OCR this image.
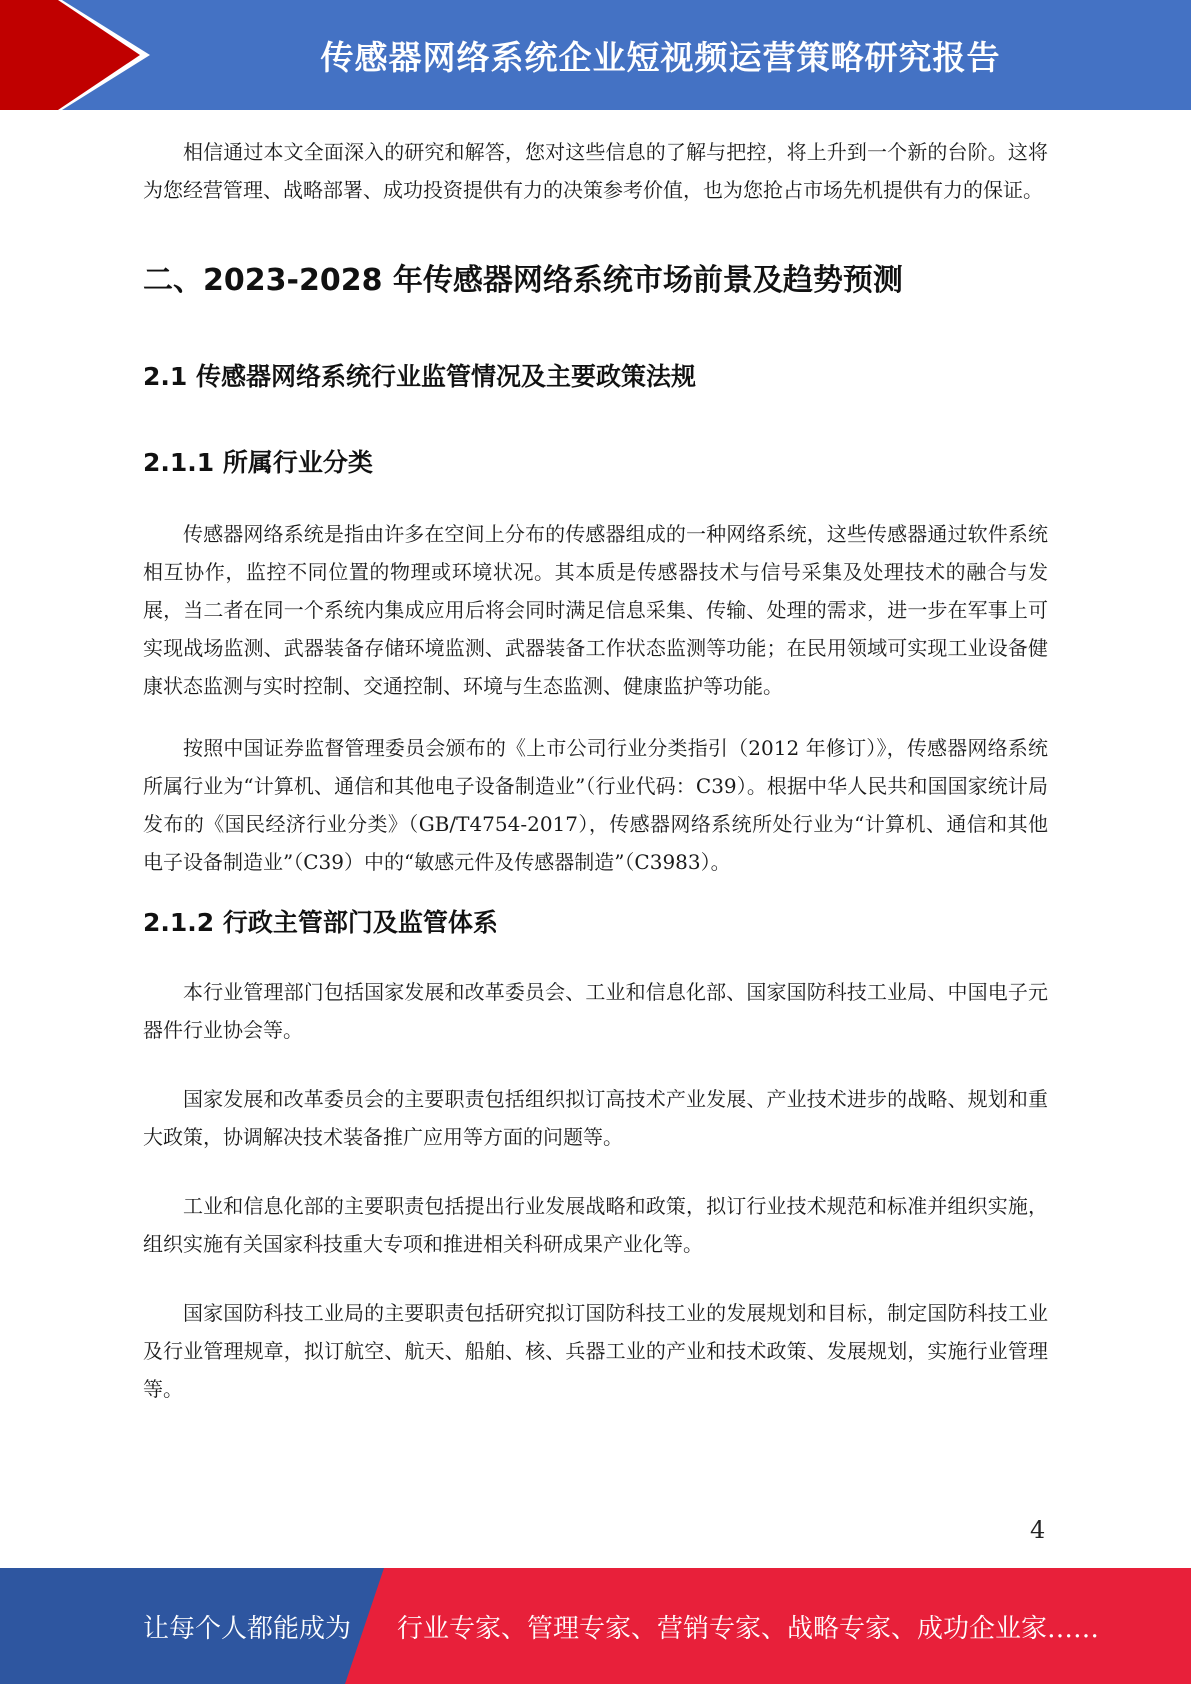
传感器网络系统企业短视频运营策略研究报告

相信通过本文全面深入的研究和解答，您对这些信息的了解与把控，将上升到一个新的台阶。这将为您经营管理、战略部署、成功投资提供有力的决策参考价值，也为您抢占市场先机提供有力的保证。

二、2023-2028 年传感器网络系统市场前景及趋势预测
2.1 传感器网络系统行业监管情况及主要政策法规
2.1.1 所属行业分类

传感器网络系统是指由许多在空间上分布的传感器组成的一种网络系统，这些传感器通过软件系统相互协作，监控不同位置的物理或环境状况。其本质是传感器技术与信号采集及处理技术的融合与发展，当二者在同一个系统内集成应用后将会同时满足信息采集、传输、处理的需求，进一步在军事上可实现战场监测、武器装备存储环境监测、武器装备工作状态监测等功能；在民用领域可实现工业设备健康状态监测与实时控制、交通控制、环境与生态监测、健康监护等功能。

按照中国证券监督管理委员会颁布的《上市公司行业分类指引（2012 年修订）》，传感器网络系统所属行业为“计算机、通信和其他电子设备制造业”（行业代码：C39）。根据中华人民共和国国家统计局发布的《国民经济行业分类》（GB/T4754-2017），传感器网络系统所处行业为“计算机、通信和其他电子设备制造业”（C39）中的“敏感元件及传感器制造”（C3983）。

2.1.2 行政主管部门及监管体系

本行业管理部门包括国家发展和改革委员会、工业和信息化部、国家国防科技工业局、中国电子元器件行业协会等。

国家发展和改革委员会的主要职责包括组织拟订高技术产业发展、产业技术进步的战略、规划和重大政策，协调解决技术装备推广应用等方面的问题等。

工业和信息化部的主要职责包括提出行业发展战略和政策，拟订行业技术规范和标准并组织实施，组织实施有关国家科技重大专项和推进相关科研成果产业化等。

国家国防科技工业局的主要职责包括研究拟订国防科技工业的发展规划和目标，制定国防科技工业及行业管理规章，拟订航空、航天、船舶、核、兵器工业的产业和技术政策、发展规划，实施行业管理等。

4
让每个人都能成为 行业专家、管理专家、营销专家、战略专家、成功企业家……
